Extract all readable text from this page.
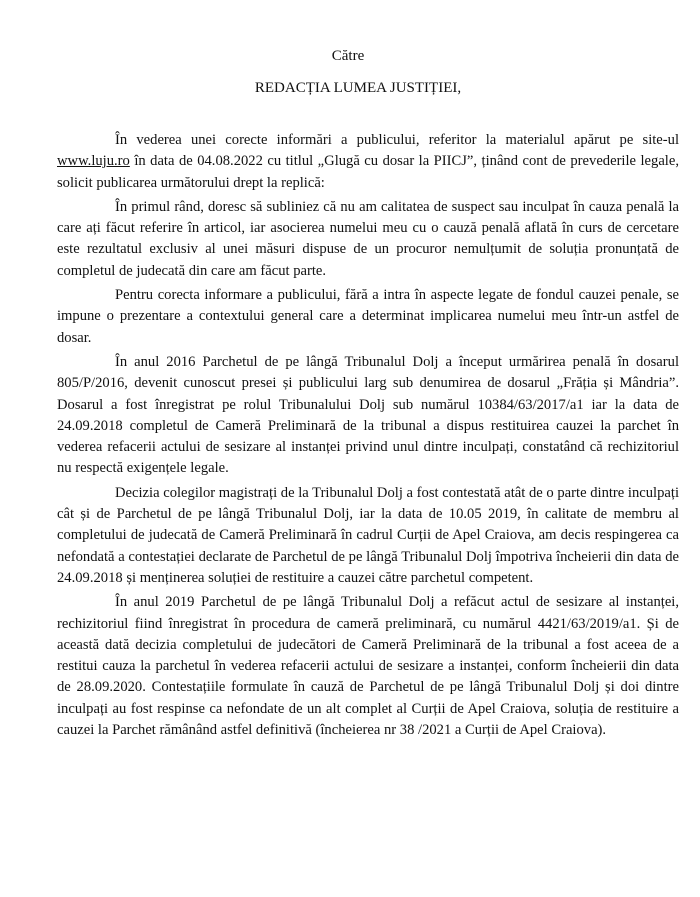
Către
REDACȚIA LUMEA JUSTIȚIEI,

În vederea unei corecte informări a publicului, referitor la materialul apărut pe site-ul www.luju.ro în data de 04.08.2022 cu titlul „Glugă cu dosar la PIICJ”, ținând cont de prevederile legale, solicit publicarea următorului drept la replică:

În primul rând, doresc să subliniez că nu am calitatea de suspect sau inculpat în cauza penală la care ați făcut referire în articol, iar asocierea numelui meu cu o cauză penală aflată în curs de cercetare este rezultatul exclusiv al unei măsuri dispuse de un procuror nemulțumit de soluția pronunțată de completul de judecată din care am făcut parte.

Pentru corecta informare a publicului, fără a intra în aspecte legate de fondul cauzei penale, se impune o prezentare a contextului general care a determinat implicarea numelui meu într-un astfel de dosar.

În anul 2016 Parchetul de pe lângă Tribunalul Dolj a început urmărirea penală în dosarul 805/P/2016, devenit cunoscut presei și publicului larg sub denumirea de dosarul „Frăția și Mândria”. Dosarul a fost înregistrat pe rolul Tribunalului Dolj sub numărul 10384/63/2017/a1 iar la data de 24.09.2018 completul de Cameră Preliminară de la tribunal a dispus restituirea cauzei la parchet în vederea refacerii actului de sesizare al instanței privind unul dintre inculpați, constatând că rechizitoriul nu respectă exigențele legale.

Decizia colegilor magistrați de la Tribunalul Dolj a fost contestată atât de o parte dintre inculpați cât și de Parchetul de pe lângă Tribunalul Dolj, iar la data de 10.05 2019, în calitate de membru al completului de judecată de Cameră Preliminară în cadrul Curții de Apel Craiova, am decis respingerea ca nefondată a contestației declarate de Parchetul de pe lângă Tribunalul Dolj împotriva încheierii din data de 24.09.2018 și menținerea soluției de restituire a cauzei către parchetul competent.

În anul 2019 Parchetul de pe lângă Tribunalul Dolj a refăcut actul de sesizare al instanței, rechizitoriul fiind înregistrat în procedura de cameră preliminară, cu numărul 4421/63/2019/a1. Și de această dată decizia completului de judecători de Cameră Preliminară de la tribunal a fost aceea de a restitui cauza la parchetul în vederea refacerii actului de sesizare a instanței, conform încheierii din data de 28.09.2020. Contestațiile formulate în cauză de Parchetul de pe lângă Tribunalul Dolj și doi dintre inculpați au fost respinse ca nefondate de un alt complet al Curții de Apel Craiova, soluția de restituire a cauzei la Parchet rămânând astfel definitivă (încheierea nr 38 /2021 a Curții de Apel Craiova).
